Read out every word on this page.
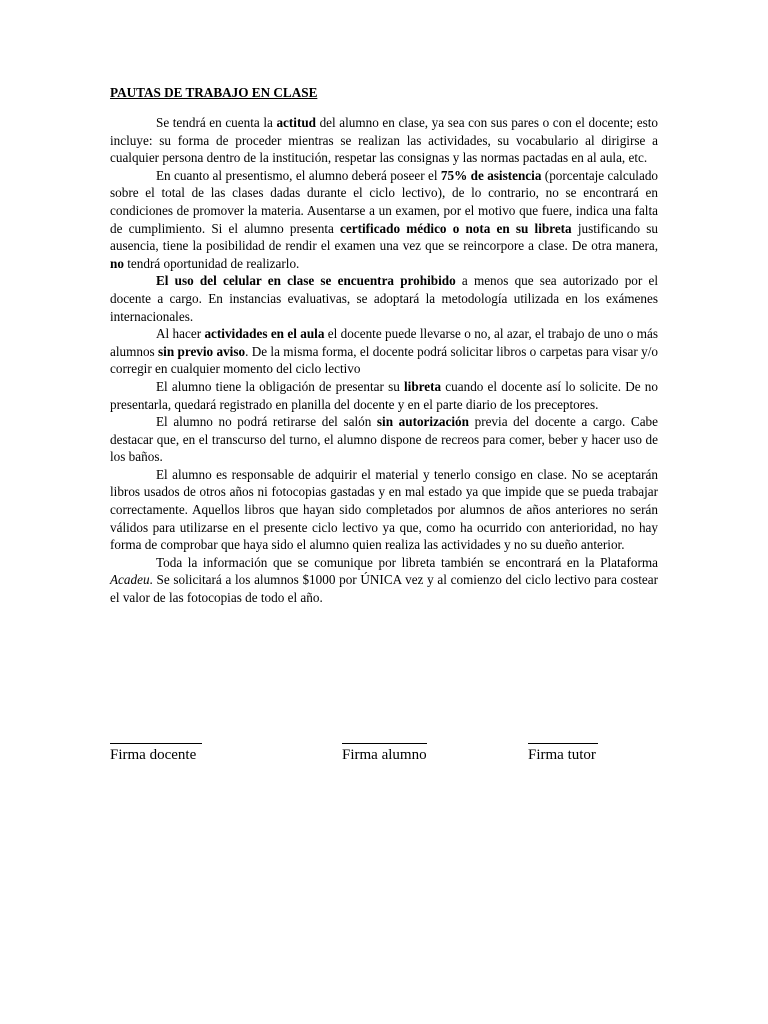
PAUTAS DE TRABAJO EN CLASE

Se tendrá en cuenta la actitud del alumno en clase, ya sea con sus pares o con el docente; esto incluye: su forma de proceder mientras se realizan las actividades, su vocabulario al dirigirse a cualquier persona dentro de la institución, respetar las consignas y las normas pactadas en al aula, etc.

En cuanto al presentismo, el alumno deberá poseer el 75% de asistencia (porcentaje calculado sobre el total de las clases dadas durante el ciclo lectivo), de lo contrario, no se encontrará en condiciones de promover la materia. Ausentarse a un examen, por el motivo que fuere, indica una falta de cumplimiento. Si el alumno presenta certificado médico o nota en su libreta justificando su ausencia, tiene la posibilidad de rendir el examen una vez que se reincorpore a clase. De otra manera, no tendrá oportunidad de realizarlo.

El uso del celular en clase se encuentra prohibido a menos que sea autorizado por el docente a cargo. En instancias evaluativas, se adoptará la metodología utilizada en los exámenes internacionales.

Al hacer actividades en el aula el docente puede llevarse o no, al azar, el trabajo de uno o más alumnos sin previo aviso. De la misma forma, el docente podrá solicitar libros o carpetas para visar y/o corregir en cualquier momento del ciclo lectivo

El alumno tiene la obligación de presentar su libreta cuando el docente así lo solicite. De no presentarla, quedará registrado en planilla del docente y en el parte diario de los preceptores.

El alumno no podrá retirarse del salón sin autorización previa del docente a cargo. Cabe destacar que, en el transcurso del turno, el alumno dispone de recreos para comer, beber y hacer uso de los baños.

El alumno es responsable de adquirir el material y tenerlo consigo en clase. No se aceptarán libros usados de otros años ni fotocopias gastadas y en mal estado ya que impide que se pueda trabajar correctamente. Aquellos libros que hayan sido completados por alumnos de años anteriores no serán válidos para utilizarse en el presente ciclo lectivo ya que, como ha ocurrido con anterioridad, no hay forma de comprobar que haya sido el alumno quien realiza las actividades y no su dueño anterior.

Toda la información que se comunique por libreta también se encontrará en la Plataforma Acadeu. Se solicitará a los alumnos $1000 por ÚNICA vez y al comienzo del ciclo lectivo para costear el valor de las fotocopias de todo el año.

Firma docente	Firma alumno	Firma tutor
